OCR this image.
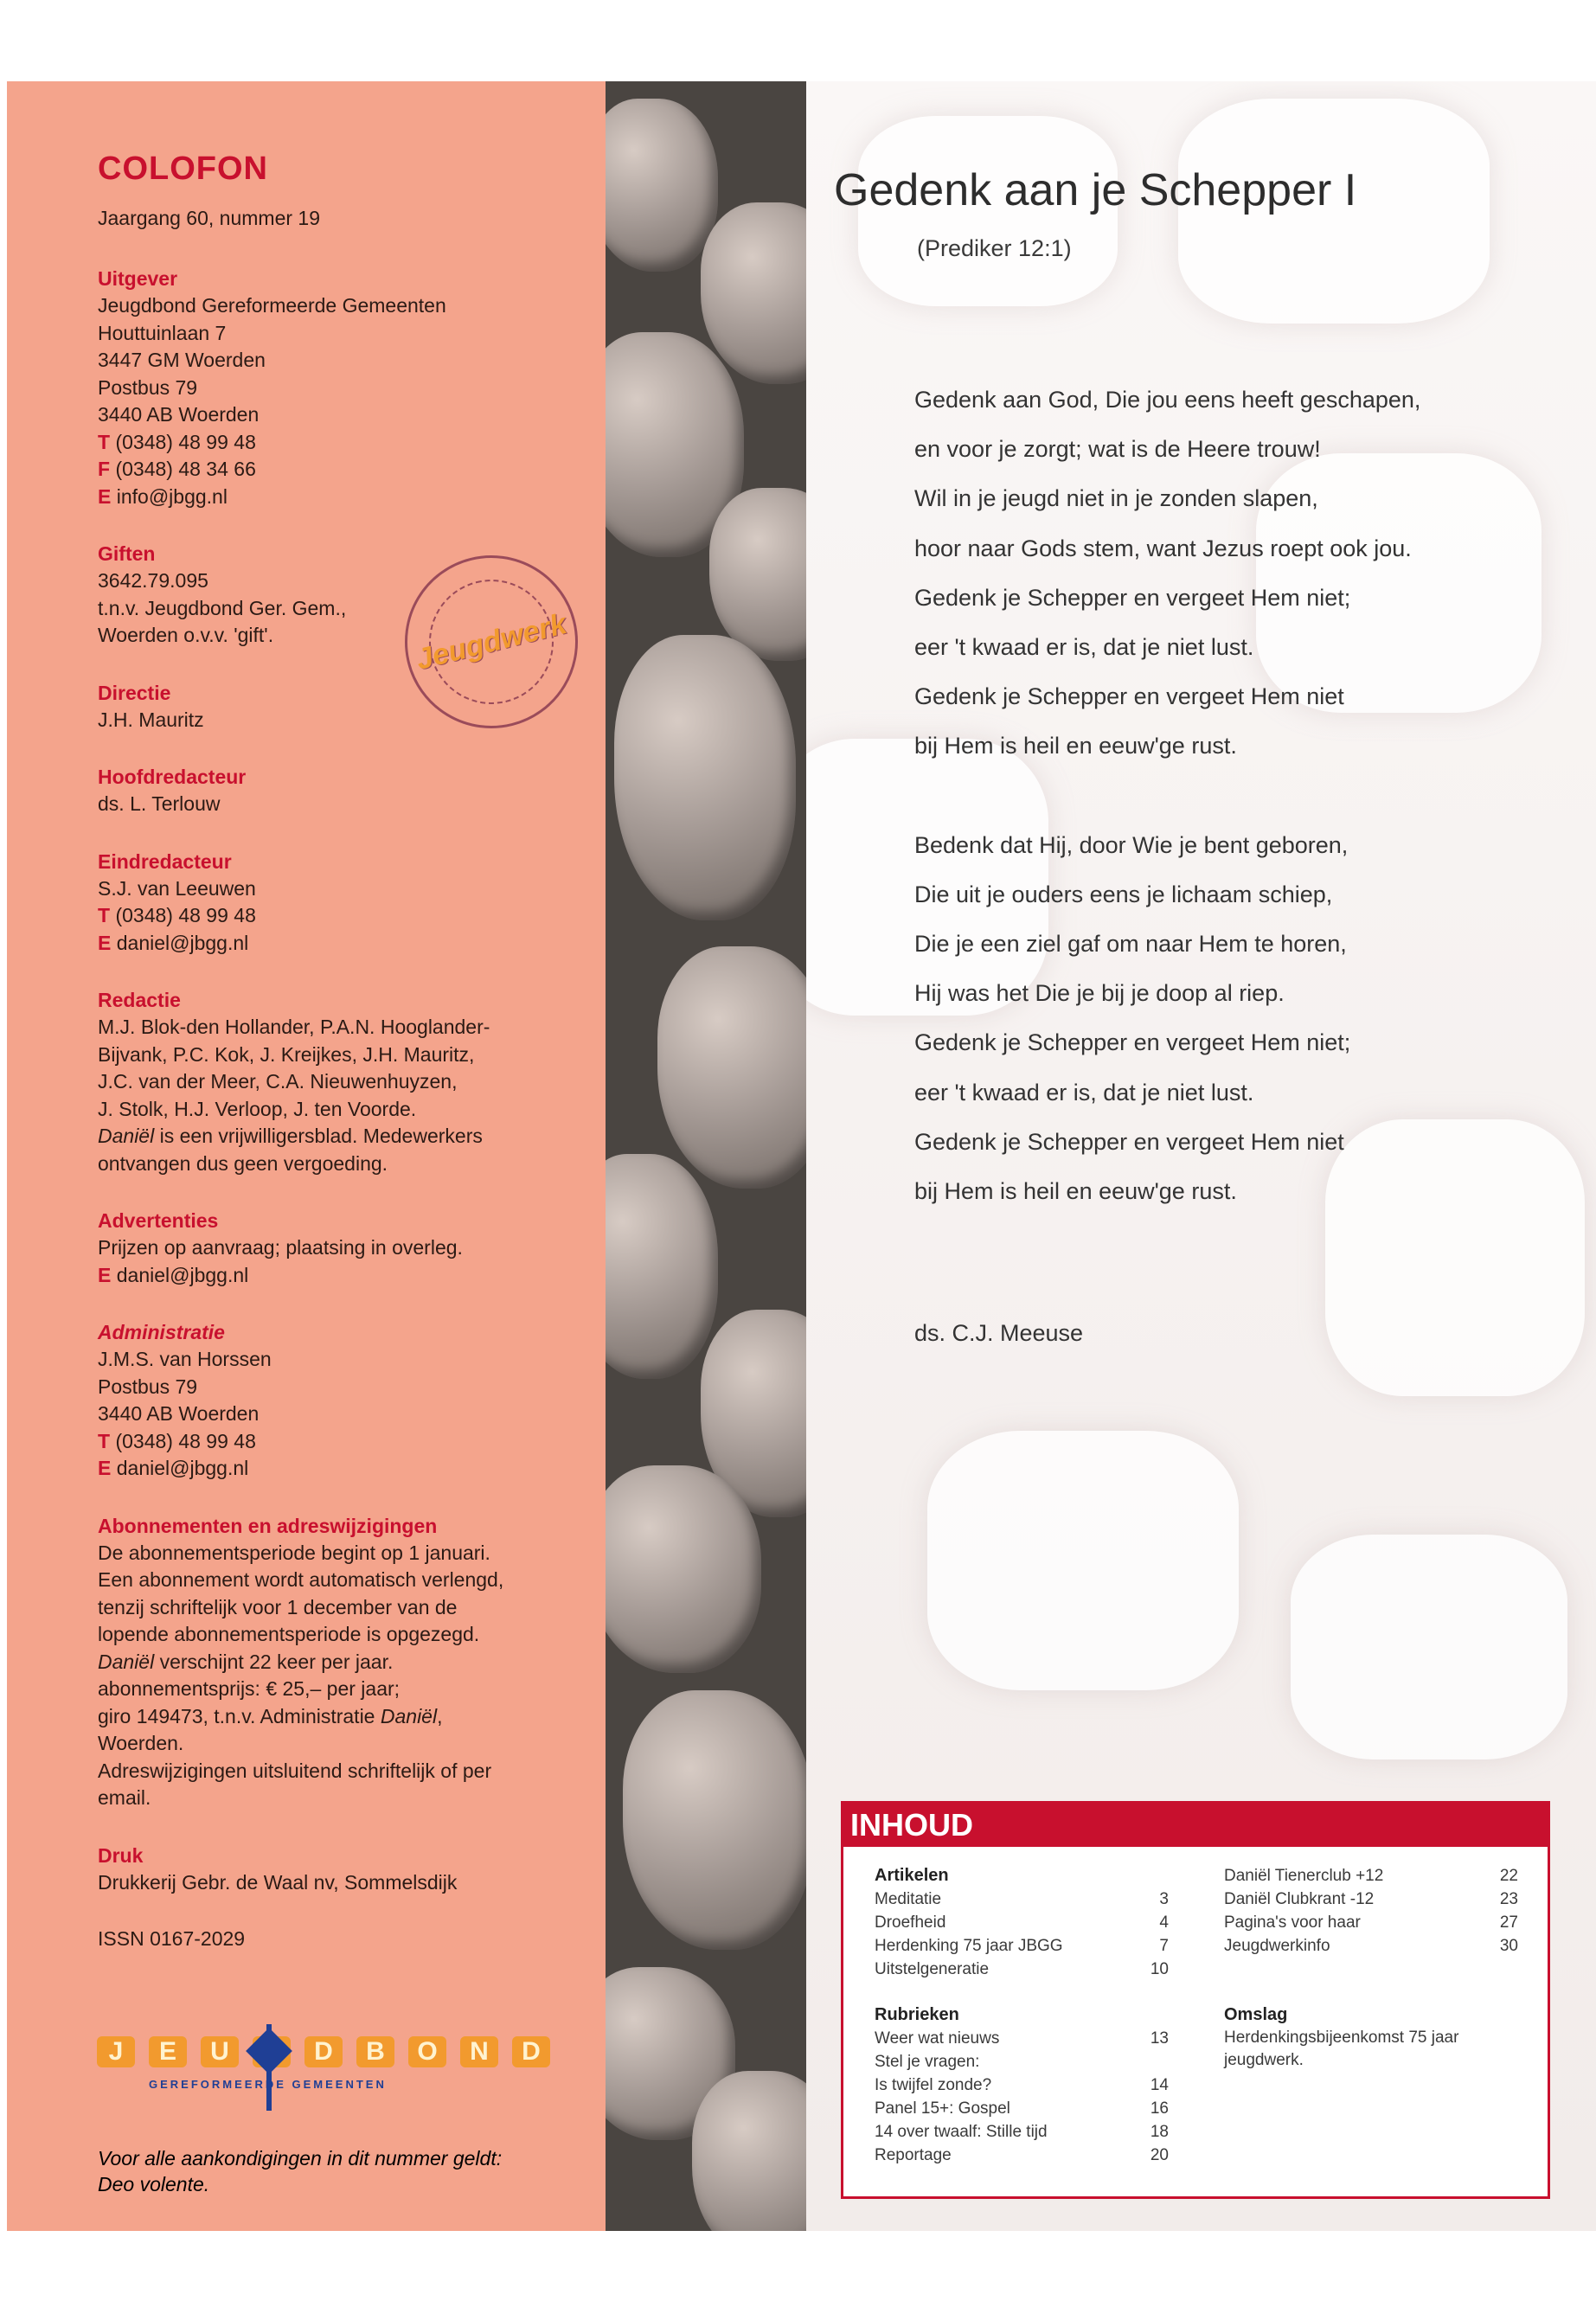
COLOFON
Jaargang 60, nummer 19
Uitgever
Jeugdbond Gereformeerde Gemeenten
Houttuinlaan 7
3447 GM Woerden
Postbus 79
3440 AB Woerden
T (0348) 48 99 48
F (0348) 48 34 66
E info@jbgg.nl
Giften
3642.79.095
t.n.v. Jeugdbond Ger. Gem.,
Woerden o.v.v. 'gift'.
Directie
J.H. Mauritz
Hoofdredacteur
ds. L. Terlouw
Eindredacteur
S.J. van Leeuwen
T (0348) 48 99 48
E daniel@jbgg.nl
Redactie
M.J. Blok-den Hollander, P.A.N. Hooglander-
Bijvank, P.C. Kok, J. Kreijkes, J.H. Mauritz,
J.C. van der Meer, C.A. Nieuwenhuyzen,
J. Stolk, H.J. Verloop, J. ten Voorde.
Daniël is een vrijwilligersblad. Medewerkers
ontvangen dus geen vergoeding.
Advertenties
Prijzen op aanvraag; plaatsing in overleg.
E daniel@jbgg.nl
Administratie
J.M.S. van Horssen
Postbus 79
3440 AB Woerden
T (0348) 48 99 48
E daniel@jbgg.nl
Abonnementen en adreswijzigingen
De abonnementsperiode begint op 1 januari.
Een abonnement wordt automatisch verlengd,
tenzij schriftelijk voor 1 december van de
lopende abonnementsperiode is opgezegd.
Daniël verschijnt 22 keer per jaar.
abonnementsprijs: € 25,– per jaar;
giro 149473, t.n.v. Administratie Daniël,
Woerden.
Adreswijzigingen uitsluitend schriftelijk of per
email.
Druk
Drukkerij Gebr. de Waal nv, Sommelsdijk
ISSN 0167-2029
Jeugdwerk
J	E	U	D	B	O	N	D
GEREFORMEERDE GEMEENTEN
Voor alle aankondigingen in dit nummer geldt:
Deo volente.
Gedenk aan je Schepper I
(Prediker 12:1)
Gedenk aan God, Die jou eens heeft geschapen,
en voor je zorgt; wat is de Heere trouw!
Wil in je jeugd niet in je zonden slapen,
hoor naar Gods stem, want Jezus roept ook jou.
Gedenk je Schepper en vergeet Hem niet;
eer 't kwaad er is, dat je niet lust.
Gedenk je Schepper en vergeet Hem niet
bij Hem is heil en eeuw'ge rust.
Bedenk dat Hij, door Wie je bent geboren,
Die uit je ouders eens je lichaam schiep,
Die je een ziel gaf om naar Hem te horen,
Hij was het Die je bij je doop al riep.
Gedenk je Schepper en vergeet Hem niet;
eer 't kwaad er is, dat je niet lust.
Gedenk je Schepper en vergeet Hem niet
bij Hem is heil en eeuw'ge rust.
ds. C.J. Meeuse
INHOUD
Artikelen
Meditatie	3
Droefheid	4
Herdenking 75 jaar JBGG	7
Uitstelgeneratie	10
Rubrieken
Weer wat nieuws	13
Stel je vragen:
Is twijfel zonde?	14
Panel 15+: Gospel	16
14 over twaalf: Stille tijd	18
Reportage	20
Daniël Tienerclub +12	22
Daniël Clubkrant -12	23
Pagina's voor haar	27
Jeugdwerkinfo	30
Omslag
Herdenkingsbijeenkomst 75 jaar
jeugdwerk.
